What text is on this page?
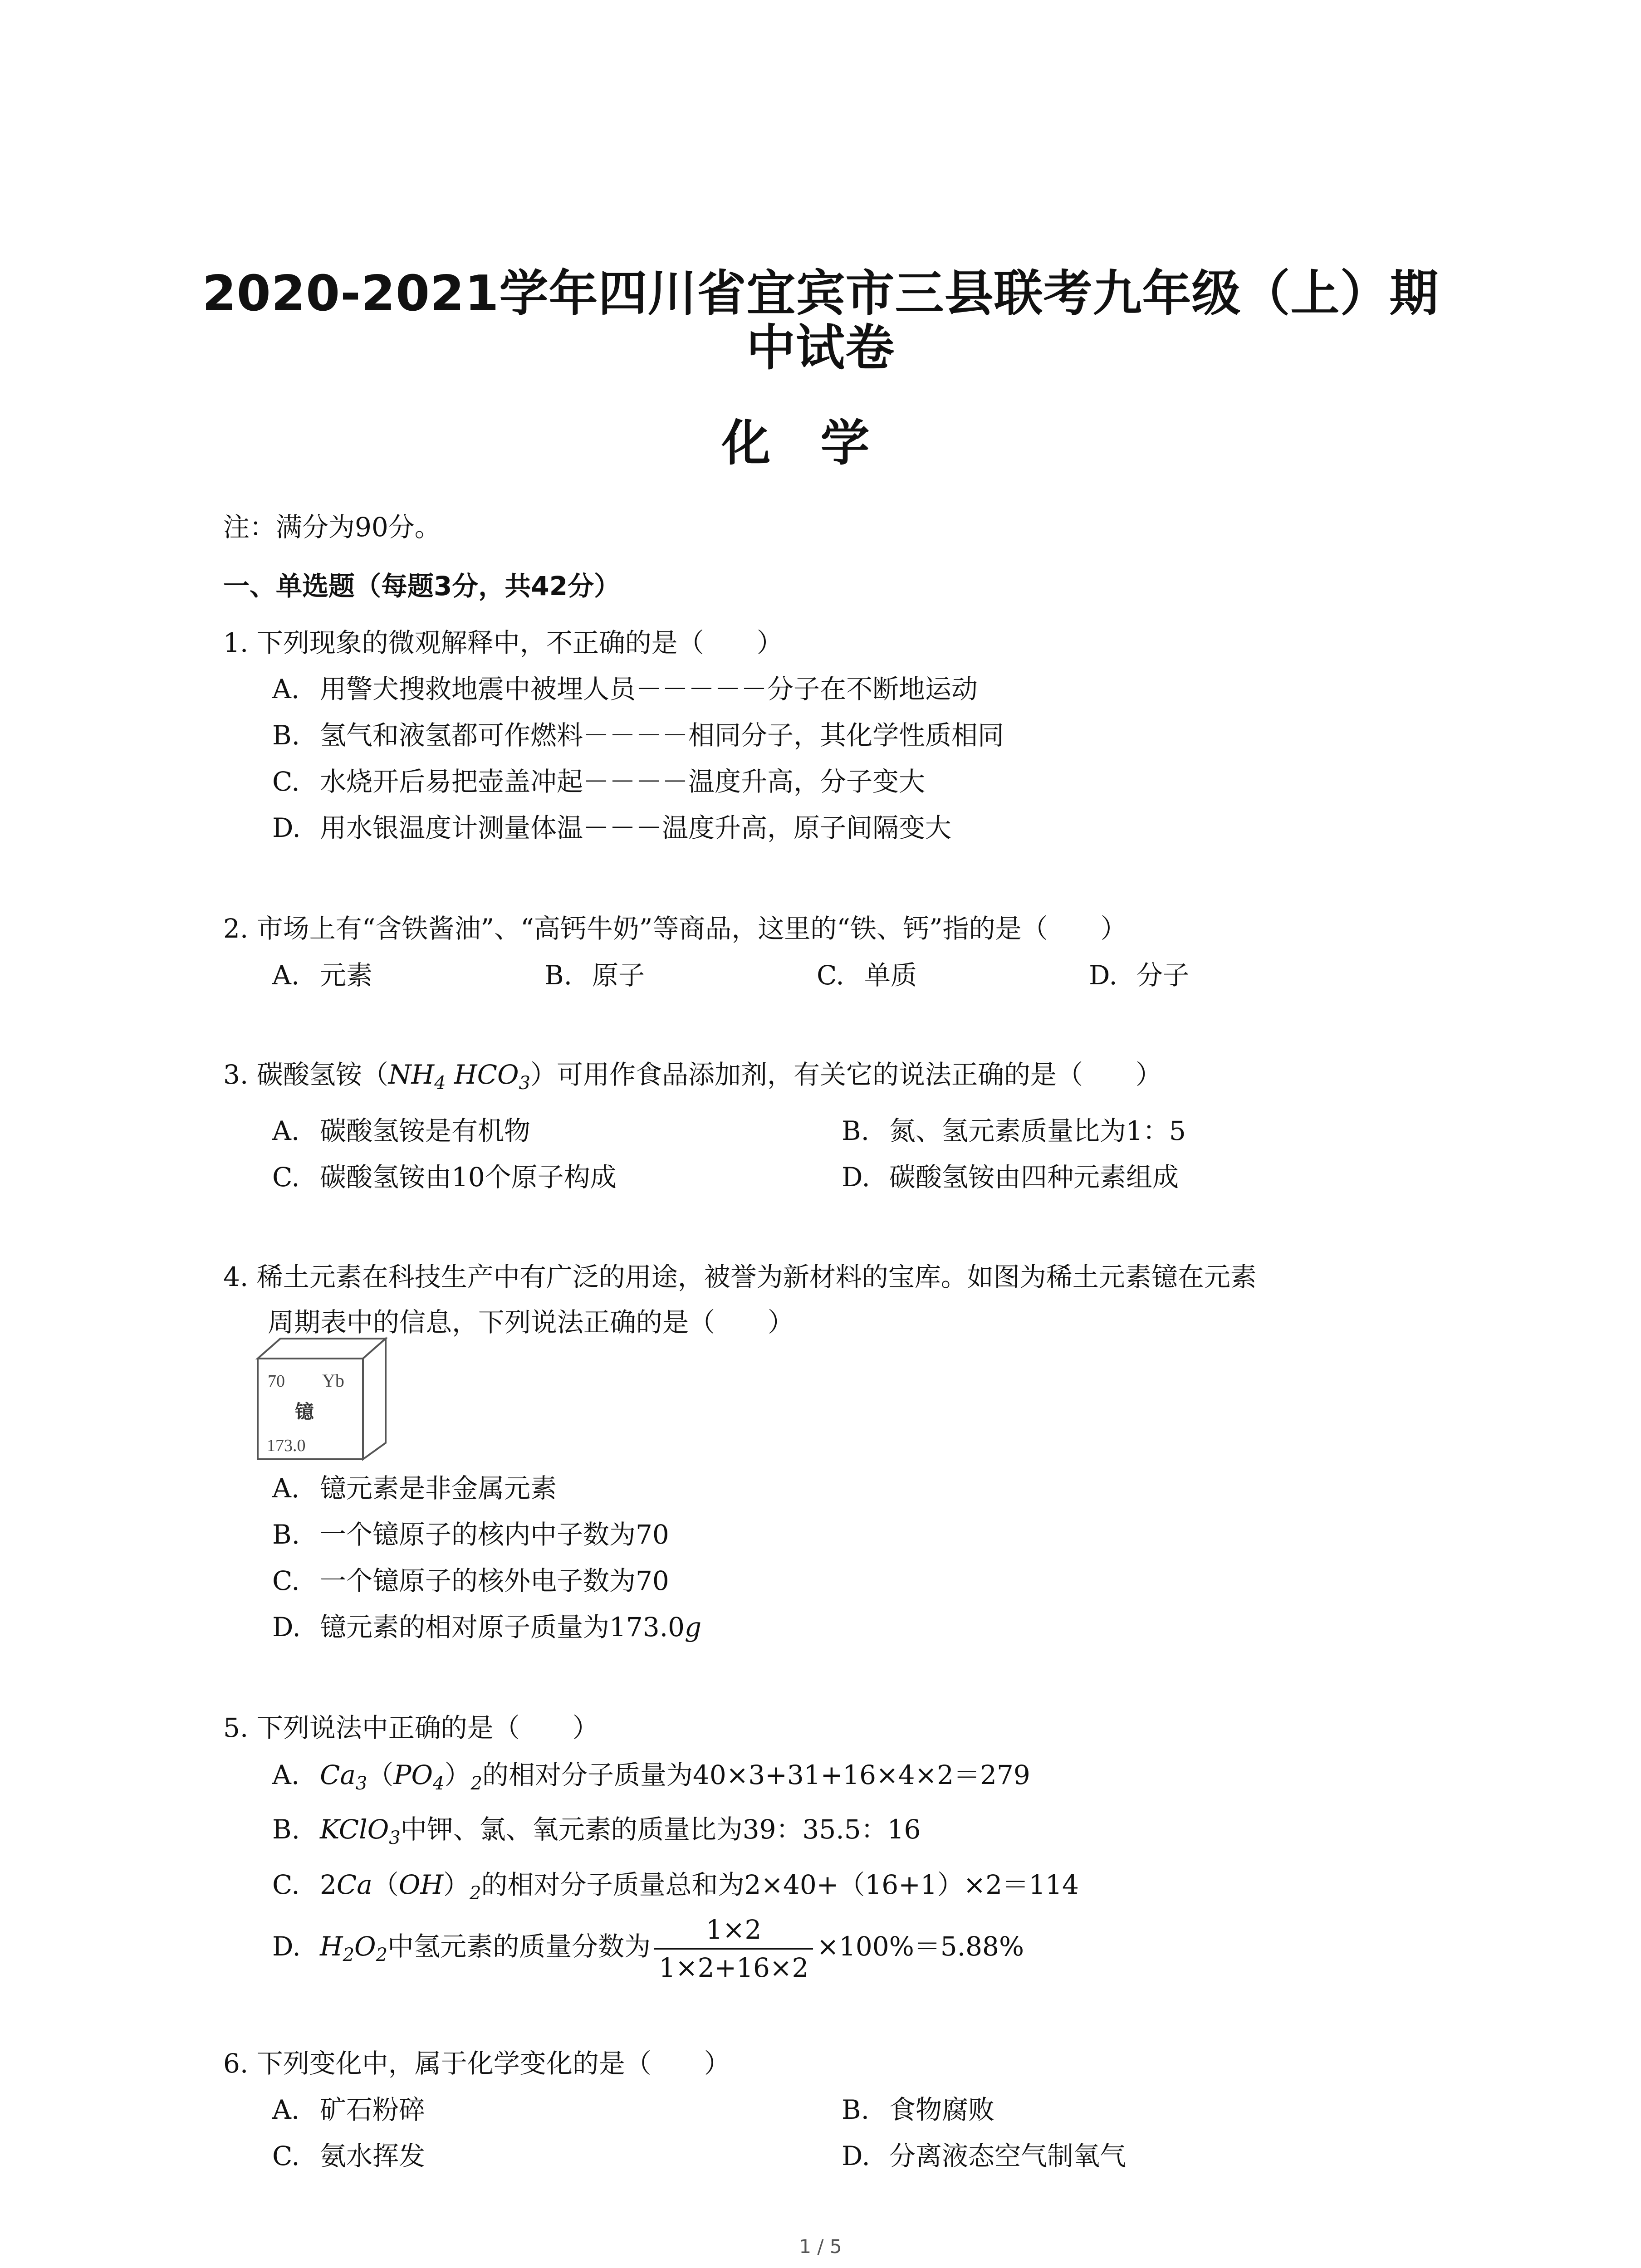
2020-2021学年四川省宜宾市三县联考九年级（上）期
中试卷
化学
注：满分为90分。
一、单选题（每题3分，共42分）
1. 下列现象的微观解释中，不正确的是（　　）
A. 用警犬搜救地震中被埋人员－－－－－分子在不断地运动
B. 氢气和液氢都可作燃料－－－－相同分子，其化学性质相同
C. 水烧开后易把壶盖冲起－－－－温度升高，分子变大
D. 用水银温度计测量体温－－－温度升高，原子间隔变大
2. 市场上有“含铁酱油”、“高钙牛奶”等商品，这里的“铁、钙”指的是（　　）
A. 元素	B. 原子	C. 单质	D. 分子
3. 碳酸氢铵（$NH_4$ $HCO_3$）可用作食品添加剂，有关它的说法正确的是（　　）
A. 碳酸氢铵是有机物	B. 氮、氢元素质量比为1：5
C. 碳酸氢铵由10个原子构成	D. 碳酸氢铵由四种元素组成
4. 稀土元素在科技生产中有广泛的用途，被誉为新材料的宝库。如图为稀土元素镱在元素
周期表中的信息，下列说法正确的是（　　）
70 Yb
镱
173.0
A. 镱元素是非金属元素
B. 一个镱原子的核内中子数为70
C. 一个镱原子的核外电子数为70
D. 镱元素的相对原子质量为173.0g
5. 下列说法中正确的是（　　）
A. $Ca_3(PO_4)_2$的相对分子质量为40×3+31+16×4×2＝279
B. KClO$_3$中钾、氯、氧元素的质量比为39：35.5：16
C. $2Ca(OH)_2$的相对分子质量总和为2×40+（16+1）×2＝114
D. $H_2O_2$中氢元素的质量分数为 $\frac{1\times 2}{1\times 2+16\times 2} \times 100\%=5.88\%$
6. 下列变化中，属于化学变化的是（　　）
A. 矿石粉碎	B. 食物腐败
C. 氨水挥发	D. 分离液态空气制氧气
1 / 5
